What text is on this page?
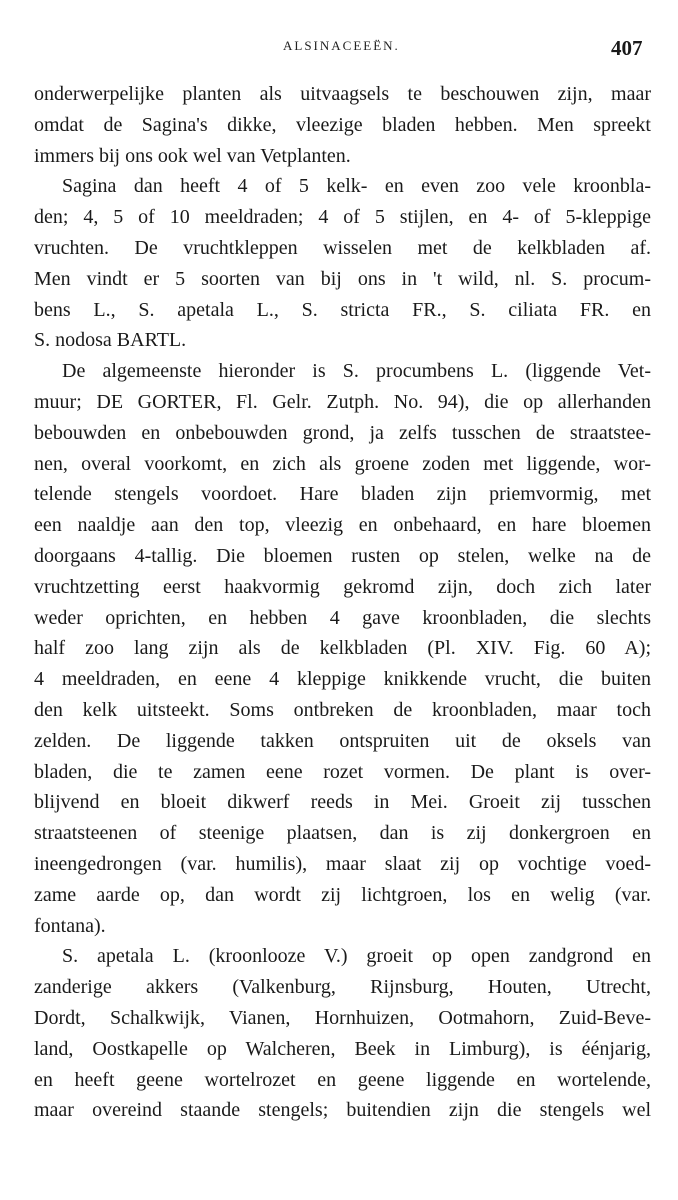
ALSINACEEËN.	407
onderwerpelijke planten als uitvaagsels te beschouwen zijn, maar
omdat de Sagina's dikke, vleezige bladen hebben. Men spreekt
immers bij ons ook wel van Vetplanten.
Sagina dan heeft 4 of 5 kelk- en even zoo vele kroonbla-
den; 4, 5 of 10 meeldraden; 4 of 5 stijlen, en 4- of 5-kleppige
vruchten. De vruchtkleppen wisselen met de kelkbladen af.
Men vindt er 5 soorten van bij ons in 't wild, nl. S. procum-
bens L., S. apetala L., S. stricta FR., S. ciliata FR. en
S. nodosa BARTL.
De algemeenste hieronder is S. procumbens L. (liggende Vet-
muur; DE GORTER, Fl. Gelr. Zutph. No. 94), die op allerhanden
bebouwden en onbebouwden grond, ja zelfs tusschen de straatstee-
nen, overal voorkomt, en zich als groene zoden met liggende, wor-
telende stengels voordoet. Hare bladen zijn priemvormig, met
een naaldje aan den top, vleezig en onbehaard, en hare bloemen
doorgaans 4-tallig. Die bloemen rusten op stelen, welke na de
vruchtzetting eerst haakvormig gekromd zijn, doch zich later
weder oprichten, en hebben 4 gave kroonbladen, die slechts
half zoo lang zijn als de kelkbladen (Pl. XIV. Fig. 60 A);
4 meeldraden, en eene 4 kleppige knikkende vrucht, die buiten
den kelk uitsteekt. Soms ontbreken de kroonbladen, maar toch
zelden. De liggende takken ontspruiten uit de oksels van
bladen, die te zamen eene rozet vormen. De plant is over-
blijvend en bloeit dikwerf reeds in Mei. Groeit zij tusschen
straatsteenen of steenige plaatsen, dan is zij donkergroen en
ineengedrongen (var. humilis), maar slaat zij op vochtige voed-
zame aarde op, dan wordt zij lichtgroen, los en welig (var.
fontana).
S. apetala L. (kroonlooze V.) groeit op open zandgrond en
zanderige akkers (Valkenburg, Rijnsburg, Houten, Utrecht,
Dordt, Schalkwijk, Vianen, Hornhuizen, Ootmahorn, Zuid-Beve-
land, Oostkapelle op Walcheren, Beek in Limburg), is éénjarig,
en heeft geene wortelrozet en geene liggende en wortelende,
maar overeind staande stengels; buitendien zijn die stengels wel
